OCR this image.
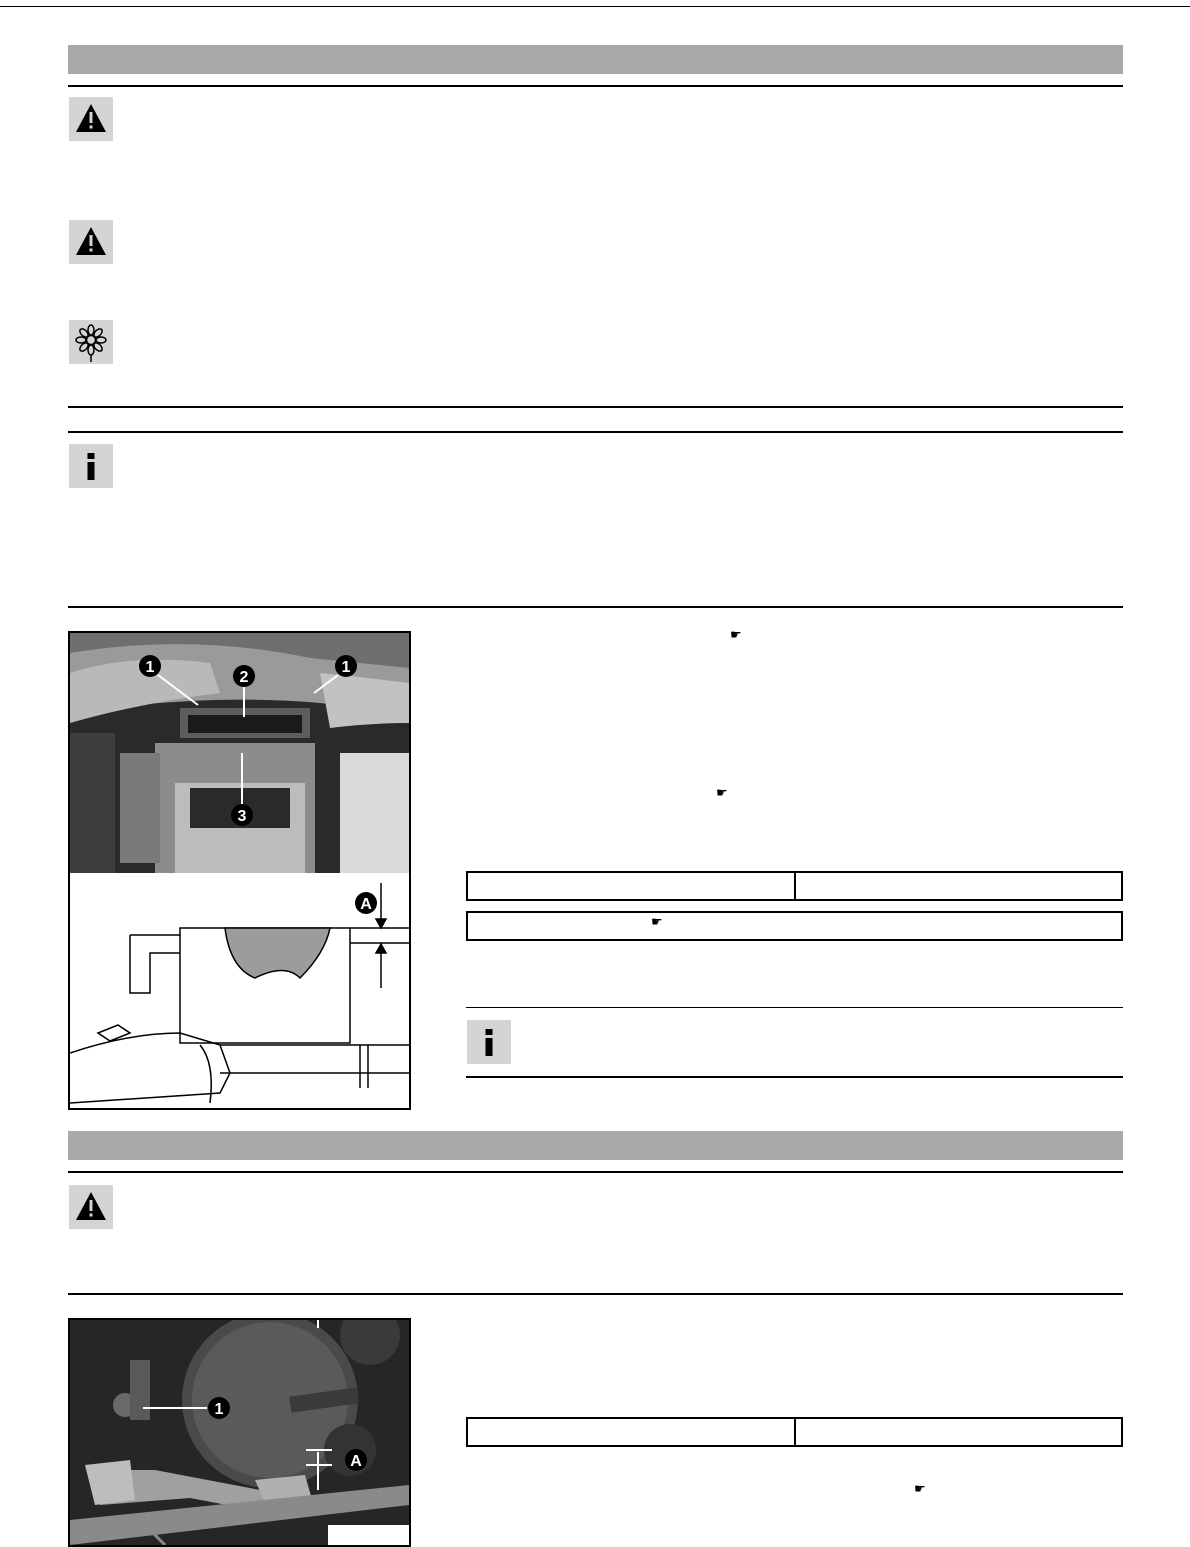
1
2
1
3
A
☛
☛
☛
1
A
☛
